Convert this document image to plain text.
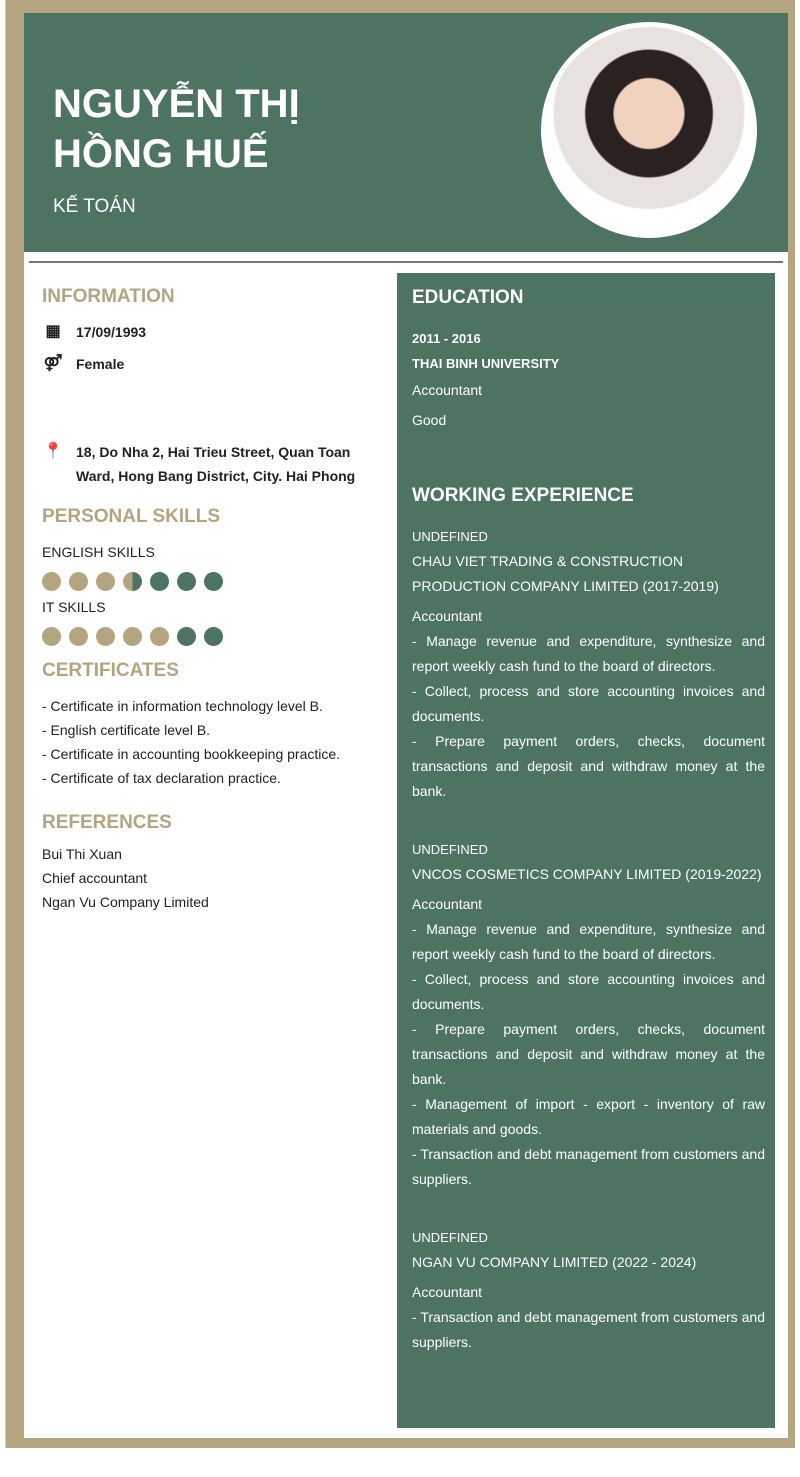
NGUYỄN THỊ
HỒNG HUẾ
KẾ TOÁN
INFORMATION
▦ 17/09/1993
⚤ Female
📍 18, Do Nha 2, Hai Trieu Street, Quan Toan Ward, Hong Bang District, City. Hai Phong
PERSONAL SKILLS
ENGLISH SKILLS
IT SKILLS
CERTIFICATES
- Certificate in information technology level B.
- English certificate level B.
- Certificate in accounting bookkeeping practice.
- Certificate of tax declaration practice.
REFERENCES
Bui Thi Xuan
Chief accountant
Ngan Vu Company Limited
EDUCATION
2011 - 2016
THAI BINH UNIVERSITY
Accountant
Good
WORKING EXPERIENCE
UNDEFINED
CHAU VIET TRADING & CONSTRUCTION PRODUCTION COMPANY LIMITED (2017-2019)
Accountant
- Manage revenue and expenditure, synthesize and report weekly cash fund to the board of directors.
- Collect, process and store accounting invoices and documents.
- Prepare payment orders, checks, document transactions and deposit and withdraw money at the bank.
UNDEFINED
VNCOS COSMETICS COMPANY LIMITED (2019-2022)
Accountant
- Manage revenue and expenditure, synthesize and report weekly cash fund to the board of directors.
- Collect, process and store accounting invoices and documents.
- Prepare payment orders, checks, document transactions and deposit and withdraw money at the bank.
- Management of import - export - inventory of raw materials and goods.
- Transaction and debt management from customers and suppliers.
UNDEFINED
NGAN VU COMPANY LIMITED (2022 - 2024)
Accountant
- Transaction and debt management from customers and suppliers.
